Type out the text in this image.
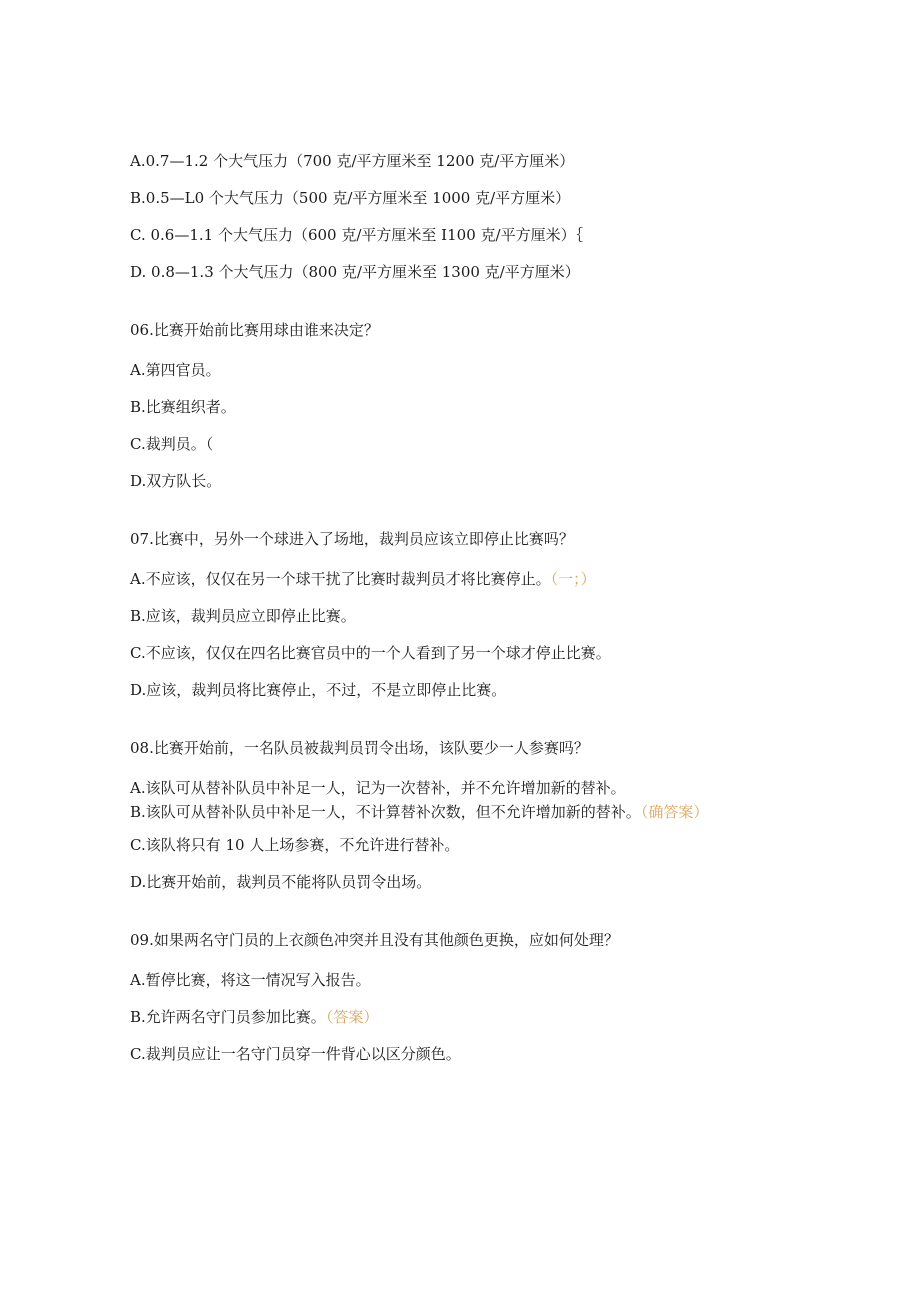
A.0.7—1.2 个大气压力（700 克/平方厘米至 1200 克/平方厘米）

B.0.5—L0 个大气压力（500 克/平方厘米至 1000 克/平方厘米）

C. 0.6—1.1 个大气压力（600 克/平方厘米至 I100 克/平方厘米）｛

D. 0.8—1.3 个大气压力（800 克/平方厘米至 1300 克/平方厘米）

06.比赛开始前比赛用球由谁来决定？

A.第四官员。

B.比赛组织者。

C.裁判员。（

D.双方队长。

07.比赛中，另外一个球进入了场地，裁判员应该立即停止比赛吗？

A.不应该，仅仅在另一个球干扰了比赛时裁判员才将比赛停止。（一；）

B.应该，裁判员应立即停止比赛。

C.不应该，仅仅在四名比赛官员中的一个人看到了另一个球才停止比赛。

D.应该，裁判员将比赛停止，不过，不是立即停止比赛。

08.比赛开始前，一名队员被裁判员罚令出场，该队要少一人参赛吗？

A.该队可从替补队员中补足一人，记为一次替补，并不允许增加新的替补。

B.该队可从替补队员中补足一人，不计算替补次数，但不允许增加新的替补。（确答案）

C.该队将只有 10 人上场参赛，不允许进行替补。

D.比赛开始前，裁判员不能将队员罚令出场。

09.如果两名守门员的上衣颜色冲突并且没有其他颜色更换，应如何处理？

A.暂停比赛，将这一情况写入报告。

B.允许两名守门员参加比赛。（答案）

C.裁判员应让一名守门员穿一件背心以区分颜色。
